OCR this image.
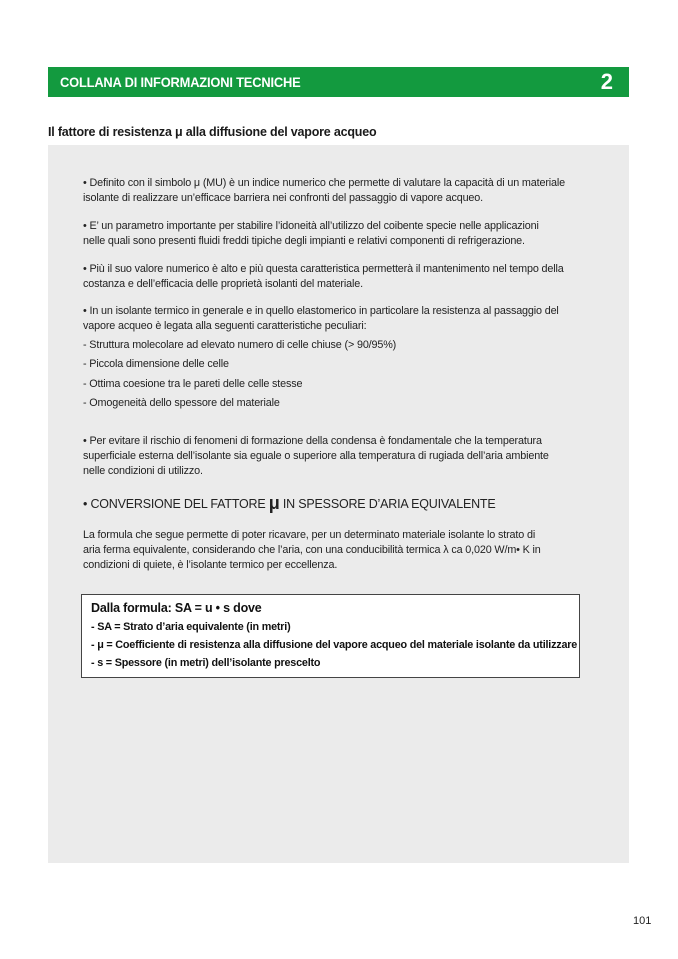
COLLANA DI INFORMAZIONI TECNICHE	2
Il fattore di resistenza μ alla diffusione del vapore acqueo
• Definito con il simbolo μ (MU) è un indice numerico che permette di valutare la capacità di un materiale
isolante di realizzare un’efficace barriera nei confronti del passaggio di vapore acqueo.
• E’ un parametro importante per stabilire l’idoneità all’utilizzo del coibente specie nelle applicazioni
nelle quali sono presenti fluidi freddi tipiche degli impianti e relativi componenti di refrigerazione.
• Più il suo valore numerico è alto e più questa caratteristica permetterà il mantenimento nel tempo della
costanza e dell’efficacia delle proprietà isolanti del materiale.
• In un isolante termico in generale e in quello elastomerico in particolare la resistenza al passaggio del
vapore acqueo è legata alla seguenti caratteristiche peculiari:
- Struttura molecolare ad elevato numero di celle chiuse (> 90/95%)
- Piccola dimensione delle celle
- Ottima coesione tra le pareti delle celle stesse
- Omogeneità dello spessore del materiale
• Per evitare il rischio di fenomeni di formazione della condensa è fondamentale che la temperatura
superficiale esterna dell’isolante sia eguale o superiore alla temperatura di rugiada dell’aria ambiente
nelle condizioni di utilizzo.
• CONVERSIONE DEL FATTORE μ IN SPESSORE D’ARIA EQUIVALENTE
La formula che segue permette di poter ricavare, per un determinato materiale isolante lo strato di
aria ferma equivalente, considerando che l’aria, con una conducibilità termica λ ca 0,020 W/m• K in
condizioni di quiete, è l’isolante termico per eccellenza.
Dalla formula: SA = u • s dove
- SA = Strato d’aria equivalente (in metri)
- μ = Coefficiente di resistenza alla diffusione del vapore acqueo del materiale isolante da utilizzare
- s = Spessore (in metri) dell’isolante prescelto
101
